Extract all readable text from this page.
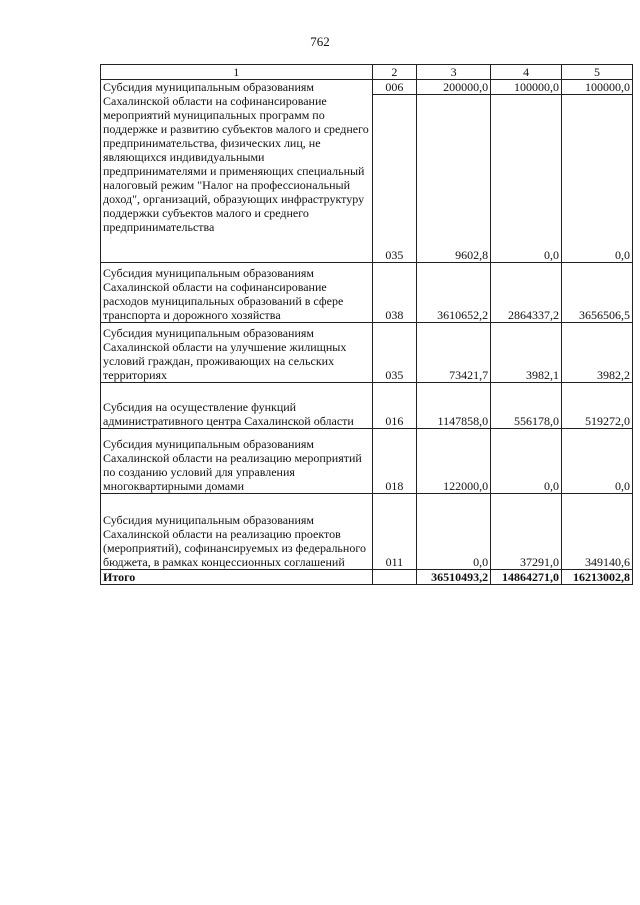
762
1	2	3	4	5
Субсидия муниципальным образованиям Сахалинской области на софинансирование мероприятий муниципальных программ по поддержке и развитию субъектов малого и среднего предпринимательства, физических лиц, не являющихся индивидуальными предпринимателями и применяющих специальный налоговый режим "Налог на профессиональный доход", организаций, образующих инфраструктуру поддержки субъектов малого и среднего предпринимательства	006	200000,0	100000,0	100000,0
	035	9602,8	0,0	0,0
Субсидия муниципальным образованиям Сахалинской области на софинансирование расходов муниципальных образований в сфере транспорта и дорожного хозяйства	038	3610652,2	2864337,2	3656506,5
Субсидия муниципальным образованиям Сахалинской области на улучшение жилищных условий граждан, проживающих на сельских территориях	035	73421,7	3982,1	3982,2
Субсидия на осуществление функций административного центра Сахалинской области	016	1147858,0	556178,0	519272,0
Субсидия муниципальным образованиям Сахалинской области на реализацию мероприятий по созданию условий для управления многоквартирными домами	018	122000,0	0,0	0,0
Субсидия муниципальным образованиям Сахалинской области на реализацию проектов (мероприятий), софинансируемых из федерального бюджета, в рамках концессионных соглашений	011	0,0	37291,0	349140,6
Итого		36510493,2	14864271,0	16213002,8
